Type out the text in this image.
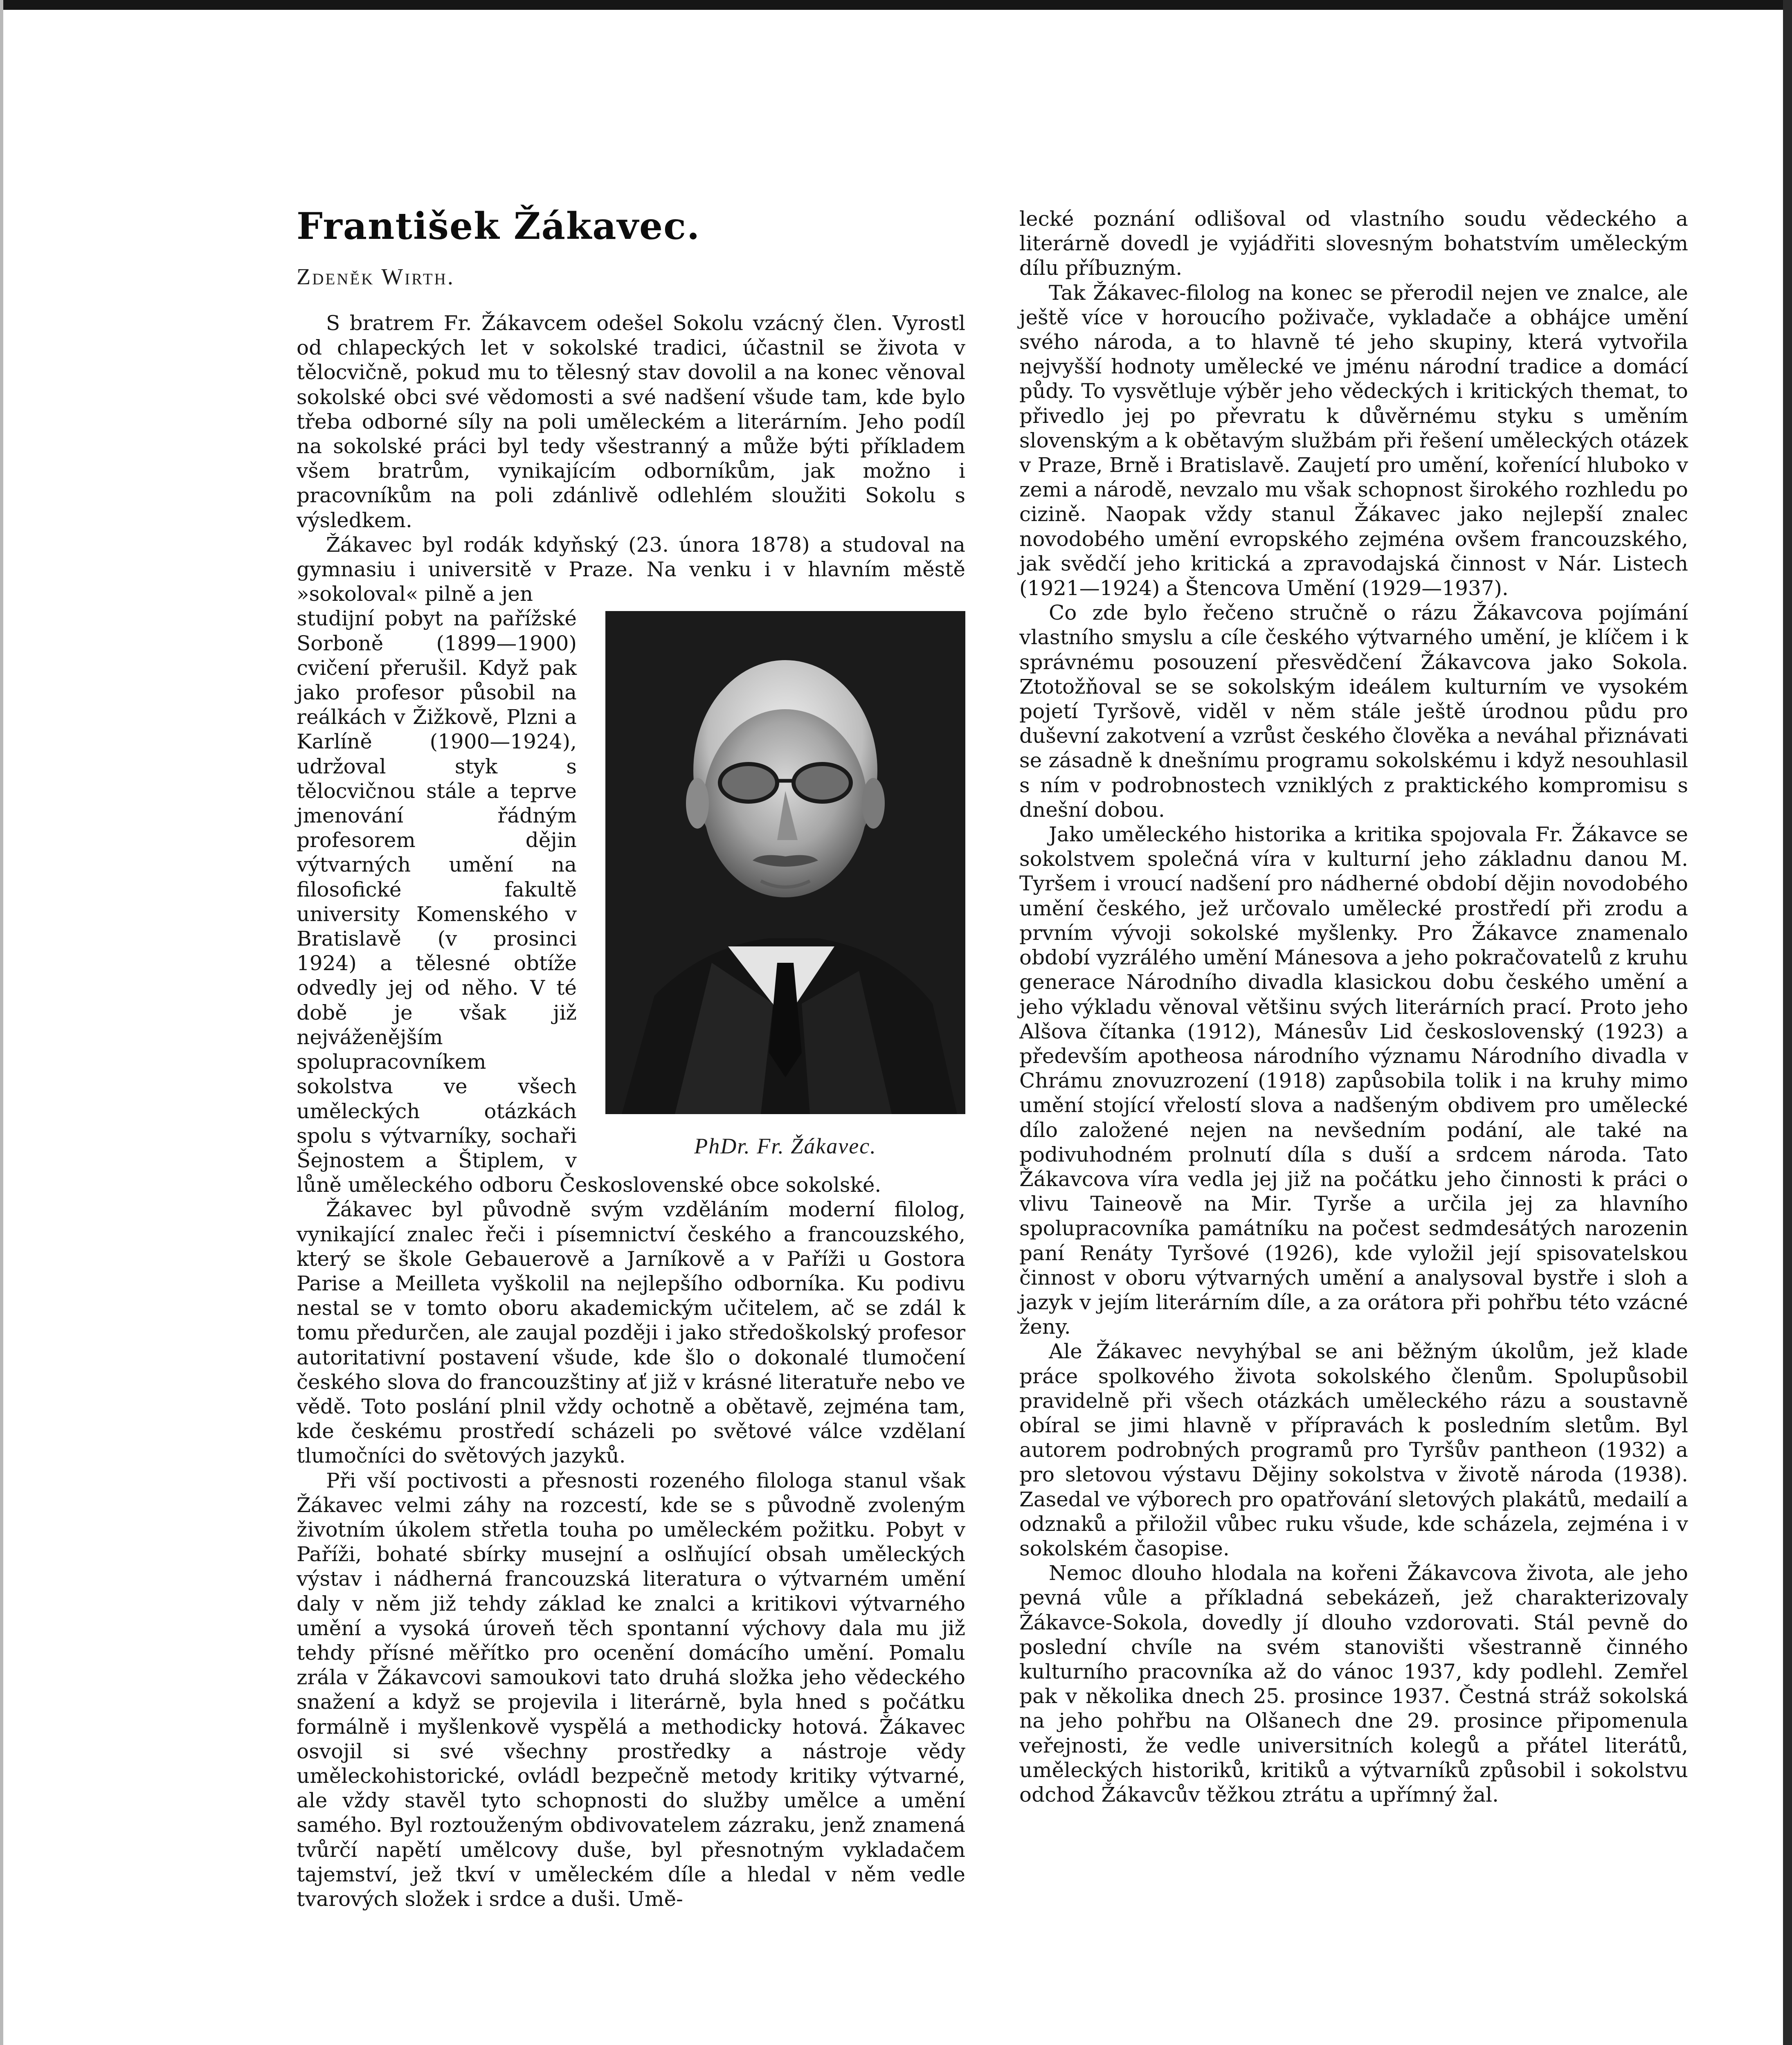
František Žákavec.
Zdeněk Wirth.

S bratrem Fr. Žákavcem odešel Sokolu vzácný člen. Vyrostl od chlapeckých let v sokolské tradici, účastnil se života v tělocvičně, pokud mu to tělesný stav dovolil a na konec věnoval sokolské obci své vědomosti a své nadšení všude tam, kde bylo třeba odborné síly na poli uměleckém a literárním. Jeho podíl na sokolské práci byl tedy všestranný a může býti příkladem všem bratrům, vynikajícím odborníkům, jak možno i pracovníkům na poli zdánlivě odlehlém sloužiti Sokolu s výsledkem.

Žákavec byl rodák kdyňský (23. února 1878) a studoval na gymnasiu i universitě v Praze. Na venku i v hlavním městě »sokoloval« pilně a jen

PhDr. Fr. Žákavec.

studijní pobyt na pařížské Sorboně (1899—1900) cvičení přerušil. Když pak jako profesor působil na reálkách v Žižkově, Plzni a Karlíně (1900—1924), udržoval styk s tělocvičnou stále a teprve jmenování řádným profesorem dějin výtvarných umění na filosofické fakultě university Komenského v Bratislavě (v prosinci 1924) a tělesné obtíže odvedly jej od něho. V té době je však již nejváženějším spolupracovníkem sokolstva ve všech uměleckých otázkách spolu s výtvarníky, sochaři Šejnostem a Štiplem, v lůně uměleckého odboru Československé obce sokolské.

Žákavec byl původně svým vzděláním moderní filolog, vynikající znalec řeči i písemnictví českého a francouzského, který se škole Gebauerově a Jarníkově a v Paříži u Gostora Parise a Meilleta vyškolil na nejlepšího odborníka. Ku podivu nestal se v tomto oboru akademickým učitelem, ač se zdál k tomu předurčen, ale zaujal později i jako středoškolský profesor autoritativní postavení všude, kde šlo o dokonalé tlumočení českého slova do francouzštiny ať již v krásné literatuře nebo ve vědě. Toto poslání plnil vždy ochotně a obětavě, zejména tam, kde českému prostředí scházeli po světové válce vzdělaní tlumočníci do světových jazyků.

Při vší poctivosti a přesnosti rozeného filologa stanul však Žákavec velmi záhy na rozcestí, kde se s původně zvoleným životním úkolem střetla touha po uměleckém požitku. Pobyt v Paříži, bohaté sbírky musejní a oslňující obsah uměleckých výstav i nádherná francouzská literatura o výtvarném umění daly v něm již tehdy základ ke znalci a kritikovi výtvarného umění a vysoká úroveň těch spontanní výchovy dala mu již tehdy přísné měřítko pro ocenění domácího umění. Pomalu zrála v Žákavcovi samoukovi tato druhá složka jeho vědeckého snažení a když se projevila i literárně, byla hned s počátku formálně i myšlenkově vyspělá a methodicky hotová. Žákavec osvojil si své všechny prostředky a nástroje vědy uměleckohistorické, ovládl bezpečně metody kritiky výtvarné, ale vždy stavěl tyto schopnosti do služby umělce a umění samého. Byl roztouženým obdivovatelem zázraku, jenž znamená tvůrčí napětí umělcovy duše, byl přesnotným vykladačem tajemství, jež tkví v uměleckém díle a hledal v něm vedle tvarových složek i srdce a duši. Umě-

lecké poznání odlišoval od vlastního soudu vědeckého a literárně dovedl je vyjádřiti slovesným bohatstvím uměleckým dílu příbuzným.

Tak Žákavec-filolog na konec se přerodil nejen ve znalce, ale ještě více v horoucího poživače, vykladače a obhájce umění svého národa, a to hlavně té jeho skupiny, která vytvořila nejvyšší hodnoty umělecké ve jménu národní tradice a domácí půdy. To vysvětluje výběr jeho vědeckých i kritických themat, to přivedlo jej po převratu k důvěrnému styku s uměním slovenským a k obětavým službám při řešení uměleckých otázek v Praze, Brně i Bratislavě. Zaujetí pro umění, kořenící hluboko v zemi a národě, nevzalo mu však schopnost širokého rozhledu po cizině. Naopak vždy stanul Žákavec jako nejlepší znalec novodobého umění evropského zejména ovšem francouzského, jak svědčí jeho kritická a zpravodajská činnost v Nár. Listech (1921—1924) a Štencova Umění (1929—1937).

Co zde bylo řečeno stručně o rázu Žákavcova pojímání vlastního smyslu a cíle českého výtvarného umění, je klíčem i k správnému posouzení přesvědčení Žákavcova jako Sokola. Ztotožňoval se se sokolským ideálem kulturním ve vysokém pojetí Tyršově, viděl v něm stále ještě úrodnou půdu pro duševní zakotvení a vzrůst českého člověka a neváhal přiznávati se zásadně k dnešnímu programu sokolskému i když nesouhlasil s ním v podrobnostech vzniklých z praktického kompromisu s dnešní dobou.

Jako uměleckého historika a kritika spojovala Fr. Žákavce se sokolstvem společná víra v kulturní jeho základnu danou M. Tyršem i vroucí nadšení pro nádherné období dějin novodobého umění českého, jež určovalo umělecké prostředí při zrodu a prvním vývoji sokolské myšlenky. Pro Žákavce znamenalo období vyzrálého umění Mánesova a jeho pokračovatelů z kruhu generace Národního divadla klasickou dobu českého umění a jeho výkladu věnoval většinu svých literárních prací. Proto jeho Alšova čítanka (1912), Mánesův Lid československý (1923) a především apotheosa národního významu Národního divadla v Chrámu znovuzrození (1918) zapůsobila tolik i na kruhy mimo umění stojící vřelostí slova a nadšeným obdivem pro umělecké dílo založené nejen na nevšedním podání, ale také na podivuhodném prolnutí díla s duší a srdcem národa. Tato Žákavcova víra vedla jej již na počátku jeho činnosti k práci o vlivu Taineově na Mir. Tyrše a určila jej za hlavního spolupracovníka památníku na počest sedmdesátých narozenin paní Renáty Tyršové (1926), kde vyložil její spisovatelskou činnost v oboru výtvarných umění a analysoval bystře i sloh a jazyk v jejím literárním díle, a za orátora při pohřbu této vzácné ženy.

Ale Žákavec nevyhýbal se ani běžným úkolům, jež klade práce spolkového života sokolského členům. Spolupůsobil pravidelně při všech otázkách uměleckého rázu a soustavně obíral se jimi hlavně v přípravách k posledním sletům. Byl autorem podrobných programů pro Tyršův pantheon (1932) a pro sletovou výstavu Dějiny sokolstva v životě národa (1938). Zasedal ve výborech pro opatřování sletových plakátů, medailí a odznaků a přiložil vůbec ruku všude, kde scházela, zejména i v sokolském časopise.

Nemoc dlouho hlodala na kořeni Žákavcova života, ale jeho pevná vůle a příkladná sebekázeň, jež charakterizovaly Žákavce-Sokola, dovedly jí dlouho vzdorovati. Stál pevně do poslední chvíle na svém stanovišti všestranně činného kulturního pracovníka až do vánoc 1937, kdy podlehl. Zemřel pak v několika dnech 25. prosince 1937. Čestná stráž sokolská na jeho pohřbu na Olšanech dne 29. prosince připomenula veřejnosti, že vedle universitních kolegů a přátel literátů, uměleckých historiků, kritiků a výtvarníků způsobil i sokolstvu odchod Žákavcův těžkou ztrátu a upřímný žal.
